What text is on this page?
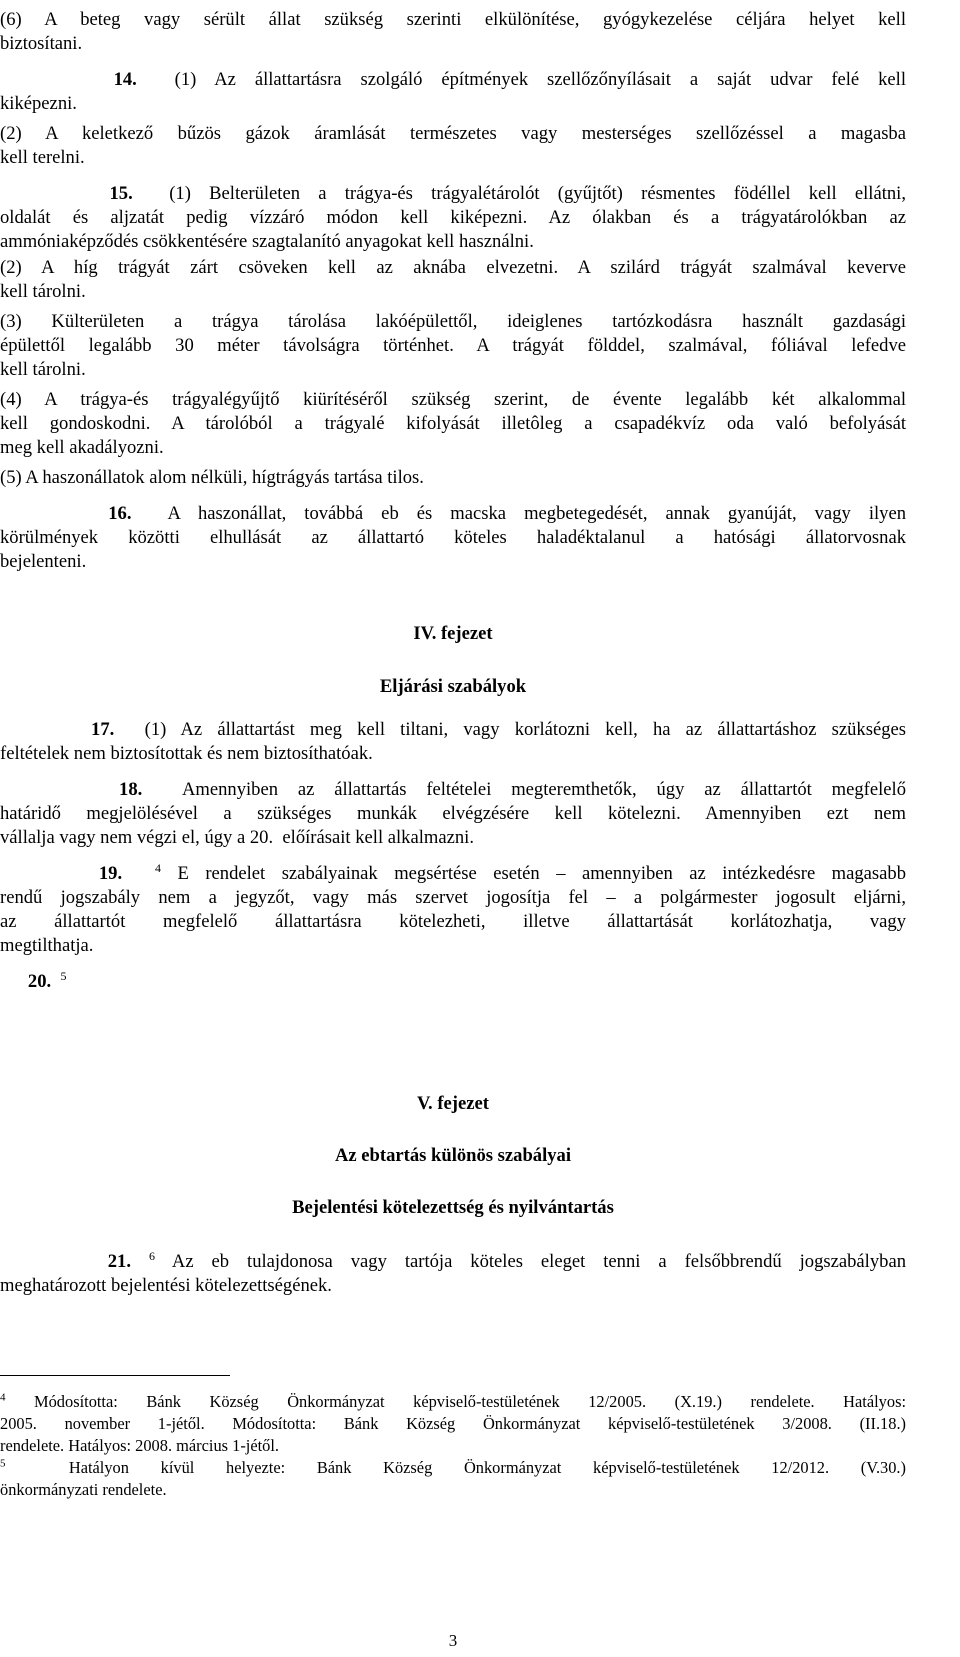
(6) A beteg vagy sérült állat szükség szerinti elkülönítése, gyógykezelése céljára helyet kell
biztosítani.
14.  (1) Az állattartásra szolgáló építmények szellőzőnyílásait a saját udvar felé kell
kiképezni.
(2) A keletkező bűzös gázok áramlását természetes vagy mesterséges szellőzéssel a magasba
kell terelni.
15.  (1) Belterületen a trágya-és trágyalétárolót (gyűjtőt) résmentes födéllel kell ellátni,
oldalát és aljzatát pedig vízzáró módon kell kiképezni. Az ólakban és a trágyatárolókban az
ammóniaképződés csökkentésére szagtalanító anyagokat kell használni.
(2) A híg trágyát zárt csöveken kell az aknába elvezetni. A szilárd trágyát szalmával keverve
kell tárolni.
(3) Külterületen a trágya tárolása lakóépülettől, ideiglenes tartózkodásra használt gazdasági
épülettől legalább 30 méter távolságra történhet. A trágyát földdel, szalmával, fóliával lefedve
kell tárolni.
(4) A trágya-és trágyalégyűjtő kiürítéséről szükség szerint, de évente legalább két alkalommal
kell gondoskodni. A tárolóból a trágyalé kifolyását illetôleg a csapadékvíz oda való befolyását
meg kell akadályozni.
(5) A haszonállatok alom nélküli, hígtrágyás tartása tilos.
16.  A haszonállat, továbbá eb és macska megbetegedését, annak gyanúját, vagy ilyen
körülmények közötti elhullását az állattartó köteles haladéktalanul a hatósági állatorvosnak
bejelenteni.
17.  (1) Az állattartást meg kell tiltani, vagy korlátozni kell, ha az állattartáshoz szükséges
feltételek nem biztosítottak és nem biztosíthatóak.
18.  Amennyiben az állattartás feltételei megteremthetők, úgy az állattartót megfelelő
határidő megjelölésével a szükséges munkák elvégzésére kell kötelezni. Amennyiben ezt nem
vállalja vagy nem végzi el, úgy a 20.  előírásait kell alkalmazni.
19.	$^4$ E rendelet szabályainak megsértése esetén – amennyiben az intézkedésre magasabb
rendű jogszabály nem a jegyzőt, vagy más szervet jogosítja fel – a polgármester jogosult eljárni,
az állattartót megfelelő állattartásra kötelezheti, illetve állattartását korlátozhatja, vagy
megtilthatja.
20. $^5$
21. $^6$ Az eb tulajdonosa vagy tartója köteles eleget tenni a felsőbbrendű jogszabályban
meghatározott bejelentési kötelezettségének.
IV. fejezet
Eljárási szabályok
V. fejezet
Az ebtartás különös szabályai
Bejelentési kötelezettség és nyilvántartás
$^4$ Módosította: Bánk Község Önkormányzat képviselő-testületének 12/2005. (X.19.) rendelete. Hatályos:
2005. november 1-jétől. Módosította: Bánk Község Önkormányzat képviselő-testületének 3/2008. (II.18.)
rendelete. Hatályos: 2008. március 1-jétől.
$^5$  Hatályon kívül helyezte: Bánk Község Önkormányzat képviselő-testületének 12/2012. (V.30.)
önkormányzati rendelete.
3
